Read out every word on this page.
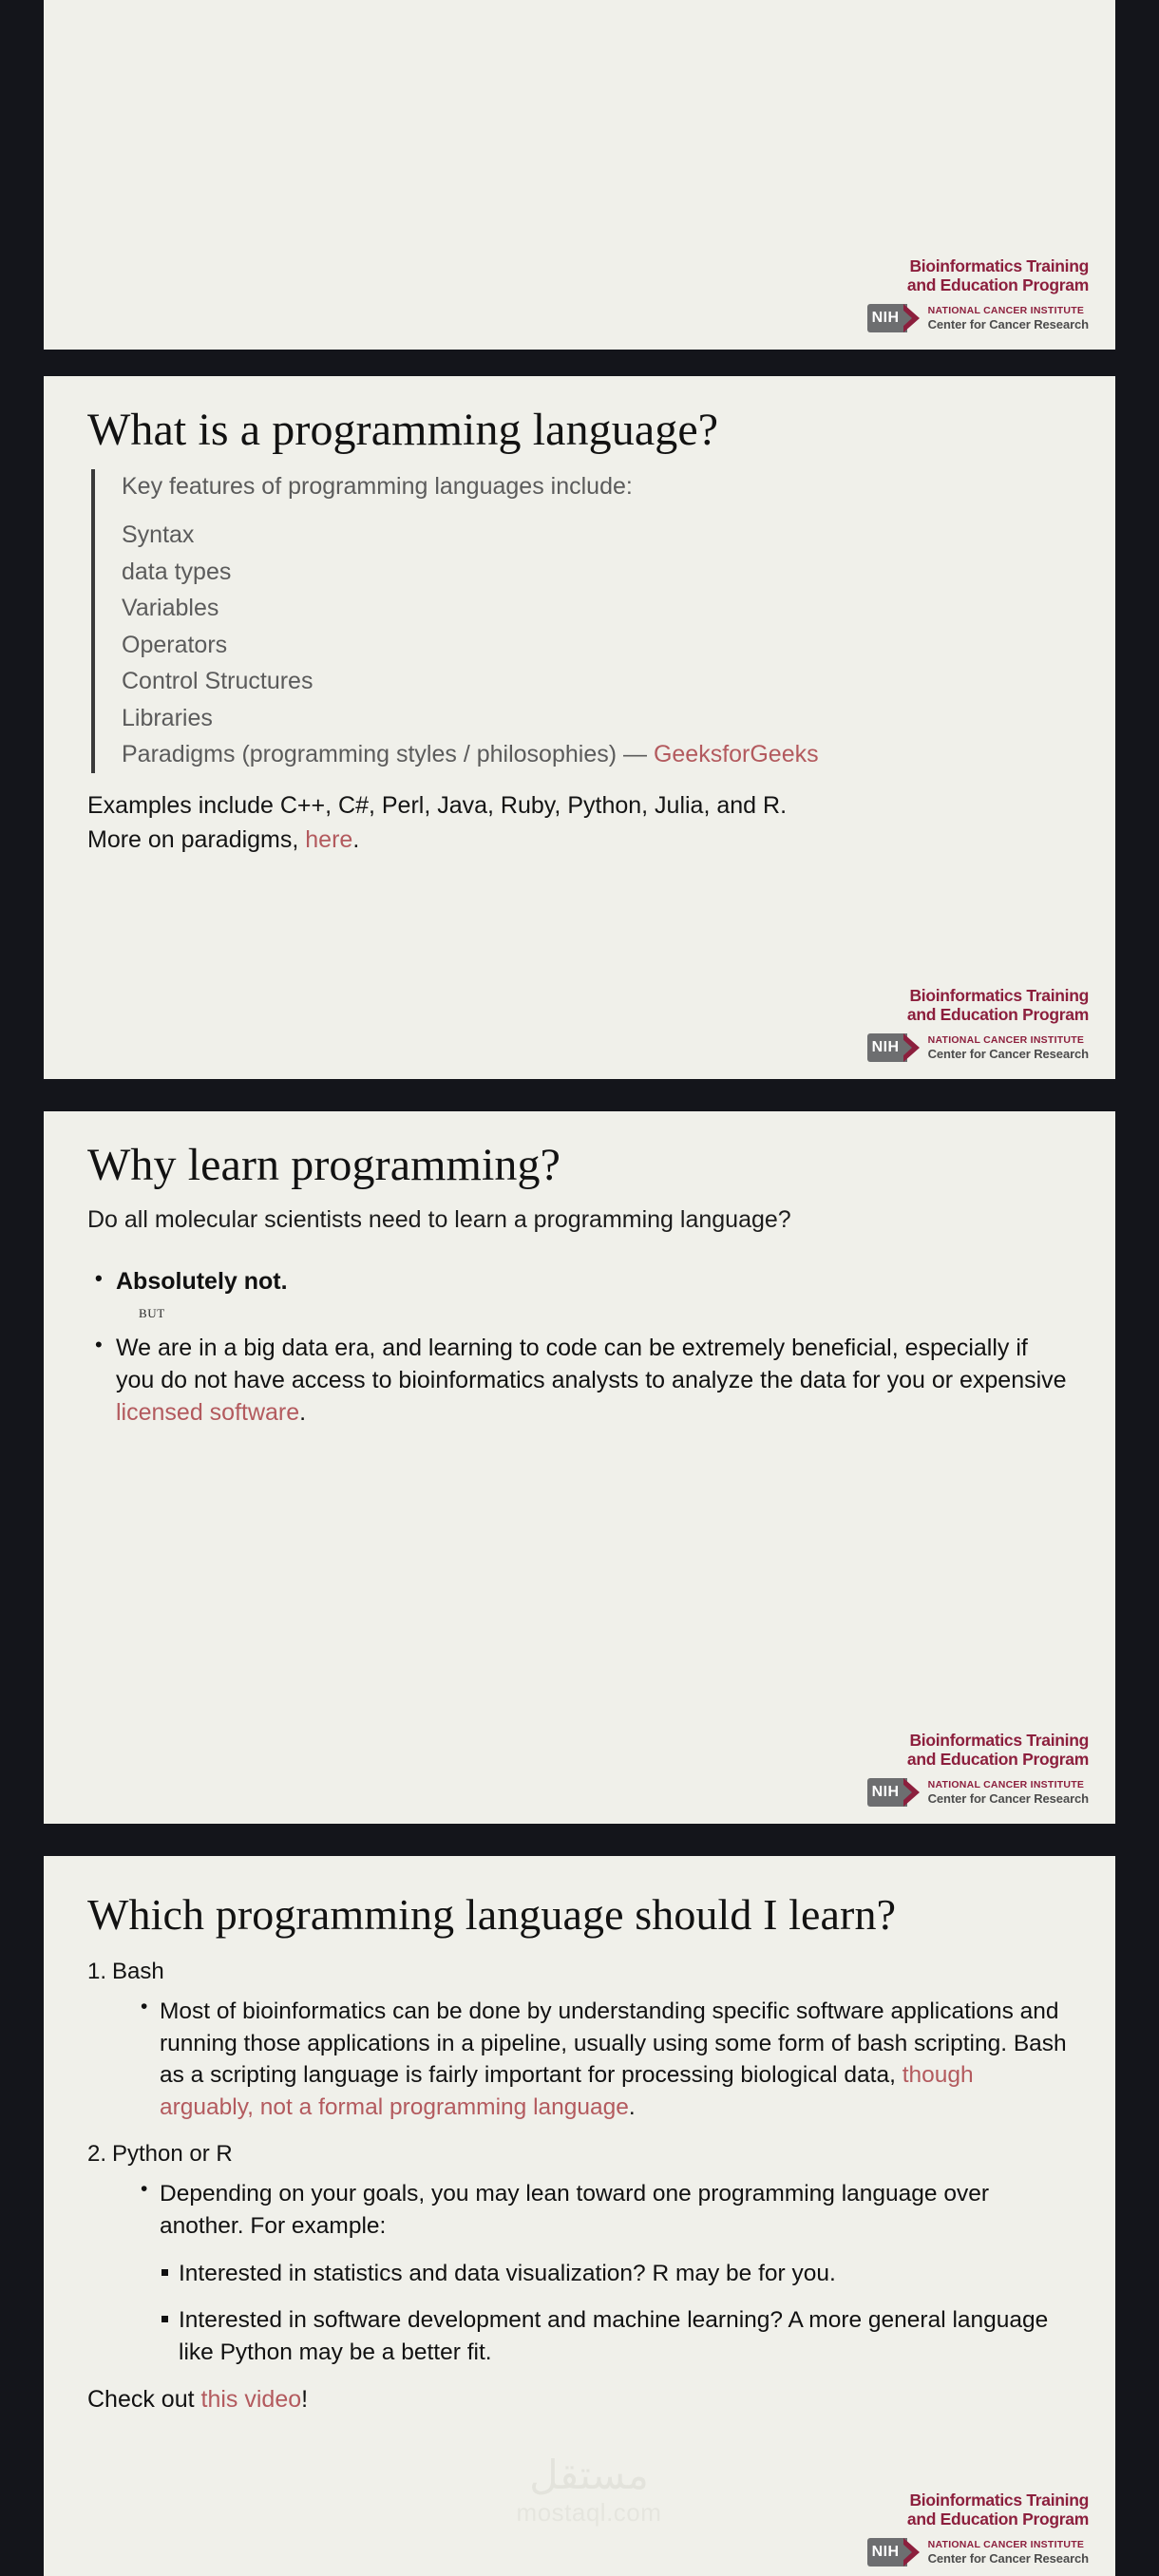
Bioinformatics Training
and Education Program
NIH	NATIONAL CANCER INSTITUTE
Center for Cancer Research
What is a programming language?

Key features of programming languages include:

Syntax

data types

Variables

Operators

Control Structures

Libraries

Paradigms (programming styles / philosophies) — GeeksforGeeks

Examples include C++, C#, Perl, Java, Ruby, Python, Julia, and R.

More on paradigms, here.

Bioinformatics Training
and Education Program
NIH	NATIONAL CANCER INSTITUTE
Center for Cancer Research
Why learn programming?

Do all molecular scientists need to learn a programming language?

• Absolutely not.
BUT
• We are in a big data era, and learning to code can be extremely beneficial, especially if you do not have access to bioinformatics analysts to analyze the data for you or expensive licensed software.
Bioinformatics Training
and Education Program
NIH	NATIONAL CANCER INSTITUTE
Center for Cancer Research
Which programming language should I learn?
1. Bash
• Most of bioinformatics can be done by understanding specific software applications and running those applications in a pipeline, usually using some form of bash scripting. Bash as a scripting language is fairly important for processing biological data, though arguably, not a formal programming language.
2. Python or R
• Depending on your goals, you may lean toward one programming language over another. For example:
Interested in statistics and data visualization? R may be for you.
Interested in software development and machine learning? A more general language like Python may be a better fit.

Check out this video!

Bioinformatics Training
and Education Program
NIH	NATIONAL CANCER INSTITUTE
Center for Cancer Research
مستقل
mostaql.com
